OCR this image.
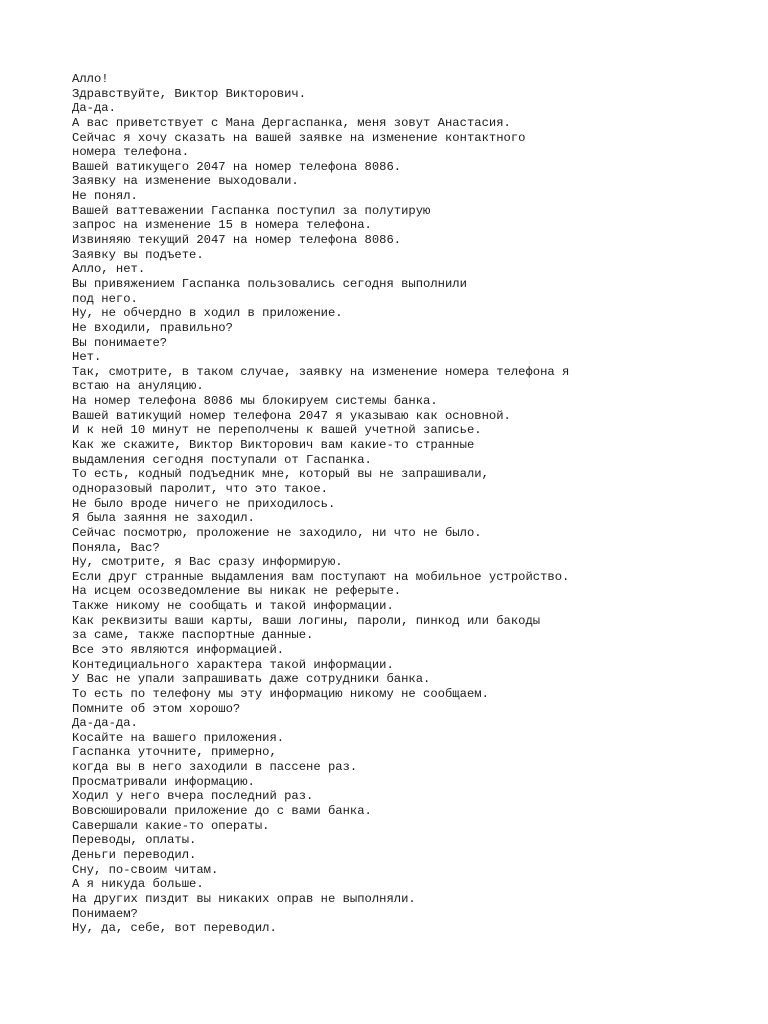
Алло!
Здравствуйте, Виктор Викторович.
Да-да.
А вас приветствует с Мана Дергаспанка, меня зовут Анастасия.
Сейчас я хочу сказать на вашей заявке на изменение контактного
номера телефона.
Вашей ватикущего 2047 на номер телефона 8086.
Заявку на изменение выходовали.
Не понял.
Вашей ваттеважении Гаспанка поступил за полутирую
запрос на изменение 15 в номера телефона.
Извиняяю текущий 2047 на номер телефона 8086.
Заявку вы подъете.
Алло, нет.
Вы привяжением Гаспанка пользовались сегодня выполнили
под него.
Ну, не обчердно в ходил в приложение.
Не входили, правильно?
Вы понимаете?
Нет.
Так, смотрите, в таком случае, заявку на изменение номера телефона я
встаю на ануляцию.
На номер телефона 8086 мы блокируем системы банка.
Вашей ватикущий номер телефона 2047 я указываю как основной.
И к ней 10 минут не переполчены к вашей учетной записье.
Как же скажите, Виктор Викторович вам какие-то странные
выдамления сегодня поступали от Гаспанка.
То есть, кодный подъедник мне, который вы не запрашивали,
одноразовый паролит, что это такое.
Не было вроде ничего не приходилось.
Я была заяння не заходил.
Сейчас посмотрю, проложение не заходило, ни что не было.
Поняла, Вас?
Ну, смотрите, я Вас сразу информирую.
Если друг странные выдамления вам поступают на мобильное устройство.
На исцем осозведомление вы никак не реферыте.
Также никому не сообщать и такой информации.
Как реквизиты ваши карты, ваши логины, пароли, пинкод или бакоды
за саме, также паспортные данные.
Все это являются информацией.
Контедициального характера такой информации.
У Вас не упали запрашивать даже сотрудники банка.
То есть по телефону мы эту информацию никому не сообщаем.
Помните об этом хорошо?
Да-да-да.
Косайте на вашего приложения.
Гаспанка уточните, примерно,
когда вы в него заходили в пассене раз.
Просматривали информацию.
Ходил у него вчера последний раз.
Вовсюшировали приложение до с вами банка.
Савершали какие-то операты.
Переводы, оплаты.
Деньги переводил.
Сну, по-своим читам.
А я никуда больше.
На других пиздит вы никаких оправ не выполняли.
Понимаем?
Ну, да, себе, вот переводил.
